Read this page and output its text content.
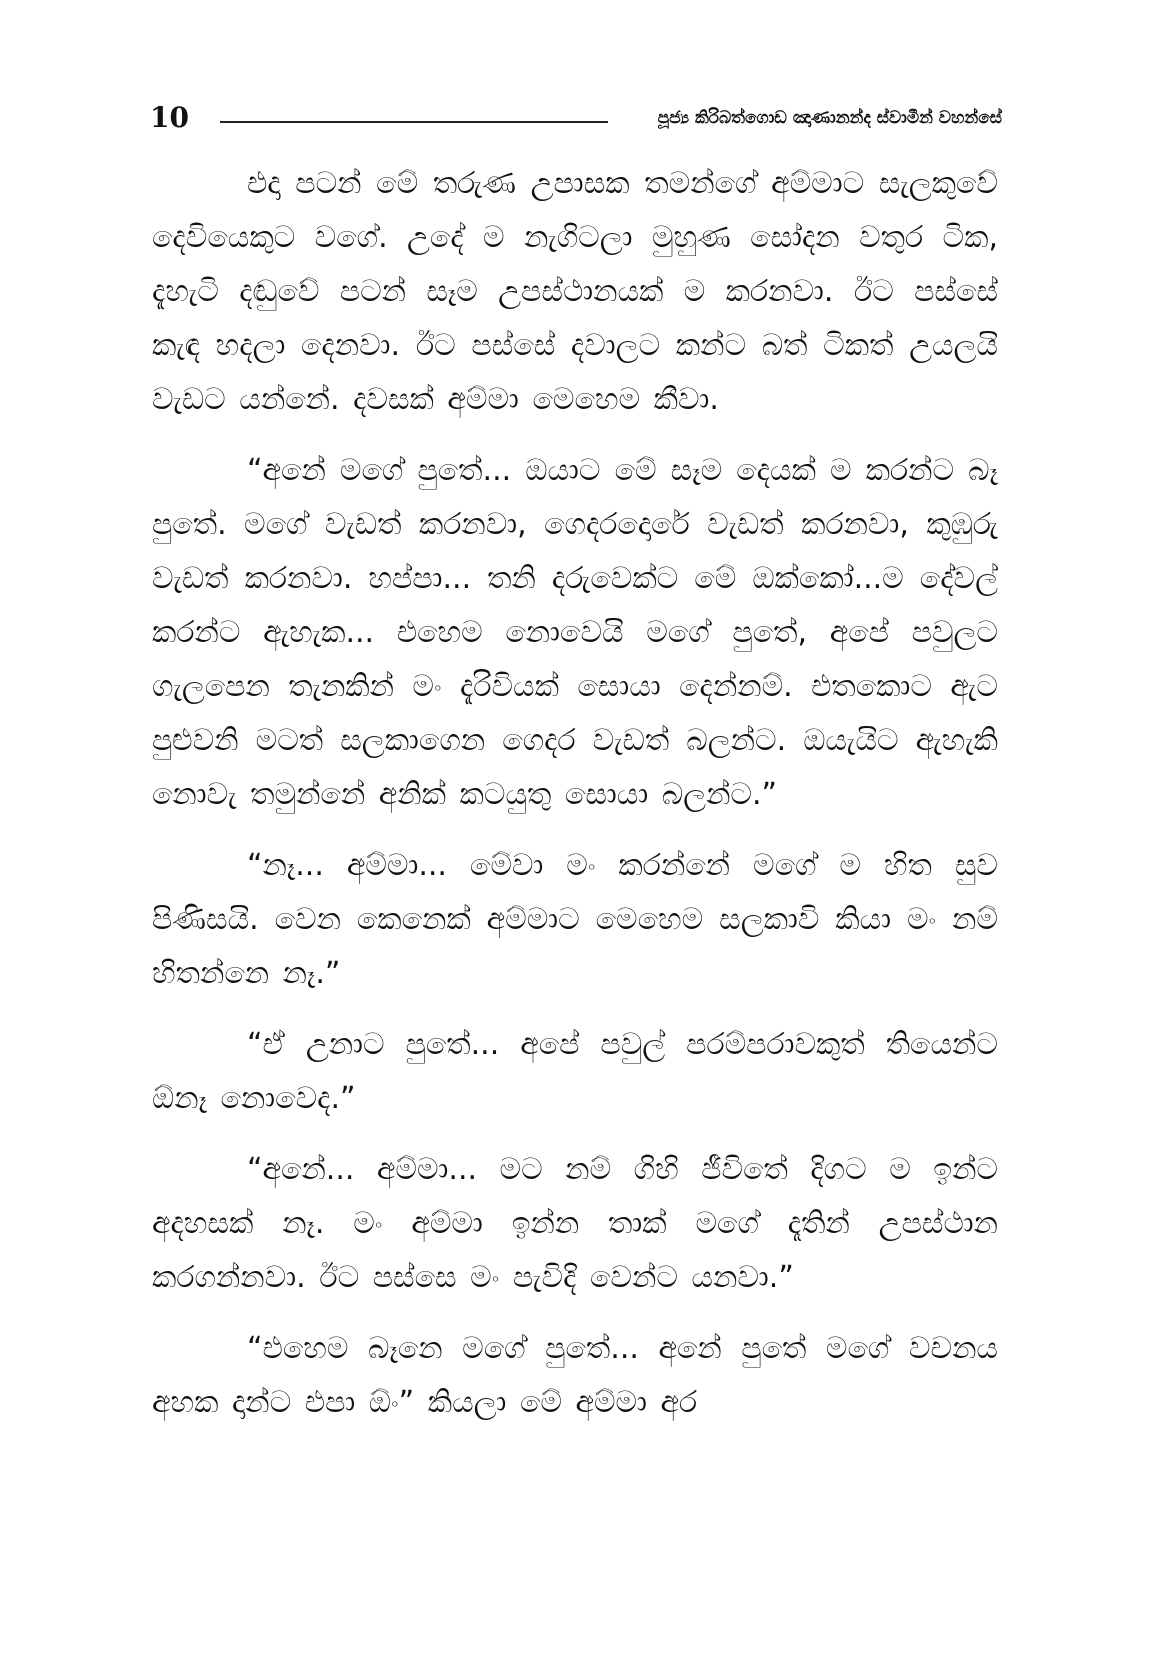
10	පූජ්‍ය කිරිබත්ගොඩ ඤාණානන්ද ස්වාමීන් වහන්සේ

එදා පටන් මේ තරුණ උපාසක තමන්ගේ අම්මාට සැලකුවේ දෙවියෙකුට වගේ. උදේ ම නැගිටලා මුහුණ සෝදන වතුර ටික, දැහැටි දඬුවේ පටන් සෑම උපස්ථානයක් ම කරනවා. ඊට පස්සේ කැඳ හදලා දෙනවා. ඊට පස්සේ දවාලට කන්ට බත් ටිකත් උයලයි වැඩට යන්නේ. දවසක් අම්මා මෙහෙම කීවා.

“අනේ මගේ පුතේ... ඔයාට මේ සෑම දෙයක් ම කරන්ට බෑ පුතේ. මගේ වැඩත් කරනවා, ගෙදරදොරේ වැඩත් කරනවා, කුඹුරු වැඩත් කරනවා. හප්පා... තනි දරුවෙක්ට මේ ඔක්කෝ...ම දේවල් කරන්ට ඇහැක... එහෙම නොවෙයි මගේ පුතේ, අපේ පවුලට ගැලපෙන තැනකින් මං දැරිවියක් සොයා දෙන්නම්. එතකොට ඇට පුළුවනි මටත් සලකාගෙන ගෙදර වැඩත් බලන්ට. ඔයැයිට ඇහැකි නොවැ තමුන්නේ අනික් කටයුතු සොයා බලන්ට.”

“නෑ... අම්මා... මේවා මං කරන්නේ මගේ ම හිත සුව පිණිසයි. වෙන කෙනෙක් අම්මාට මෙහෙම සලකාවි කියා මං නම් හිතන්නෙ නෑ.”

“ඒ උනාට පුතේ... අපේ පවුල් පරම්පරාවකුත් තියෙන්ට ඕනෑ නොවෙද.”

“අනේ... අම්මා... මට නම් ගිහි ජීවිතේ දිගට ම ඉන්ට අදහසක් නෑ. මං අම්මා ඉන්න තාක් මගේ දෑතින් උපස්ථාන කරගන්නවා. ඊට පස්සෙ මං පැවිදි වෙන්ට යනවා.”

“එහෙම බෑනෙ මගේ පුතේ... අනේ පුතේ මගේ වචනය අහක දාන්ට එපා ඕං” කියලා මේ අම්මා අර
